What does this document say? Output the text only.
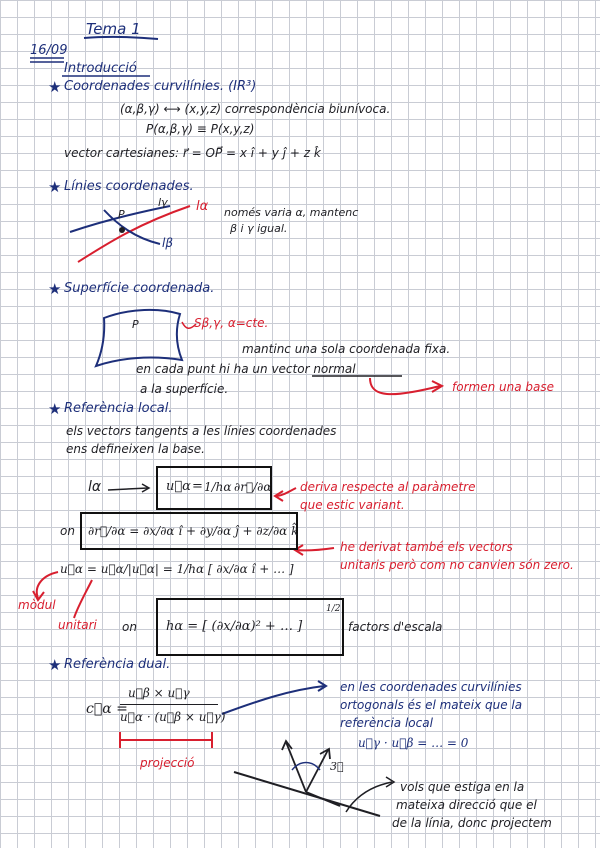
Tema 1
16/09
Introducció
★ Coordenades curvilínies. (IR³)
(α,β,γ) ⟷ (x,y,z) correspondència biunívoca.
P(α,β,γ) ≡ P(x,y,z)
vector cartesianes: r⃗ = OP⃗ = x î + y ĵ + z k̂
★ Línies coordenades.
P
lγ lα
lβ
només varia α, mantenc
β i γ igual.
★ Superfície coordenada.
P	Sβ,γ, α=cte.
mantinc una sola coordenada fixa.
en cada punt hi ha un vector normal
a la superfície.	formen una base
★ Referència local.
els vectors tangents a les línies coordenades
ens defineixen la base.
lα	u⃗α = 1/hα ∂r⃗/∂α deriva respecte al paràmetre
que estic variant.
on ∂r⃗/∂α = ∂x/∂α î + ∂y/∂α ĵ + ∂z/∂α k̂
he derivat també els vectors
unitaris però com no canvien són zero.
u⃗α = u⃗α/|u⃗α| = 1/hα [ ∂x/∂α î + … ]
mòdul
unitari on hα = [ (∂x/∂α)² + … ]
1/2
factors d'escala
★ Referència dual.
c⃗α =
u⃗β × u⃗γ
u⃗α · (u⃗β × u⃗γ)
projecció
en les coordenades curvilínies
ortogonals és el mateix que la
referència local
u⃗γ · u⃗β = … = 0
3⃗
vols que estiga en la
mateixa direcció que el
de la línia, donc projectem
